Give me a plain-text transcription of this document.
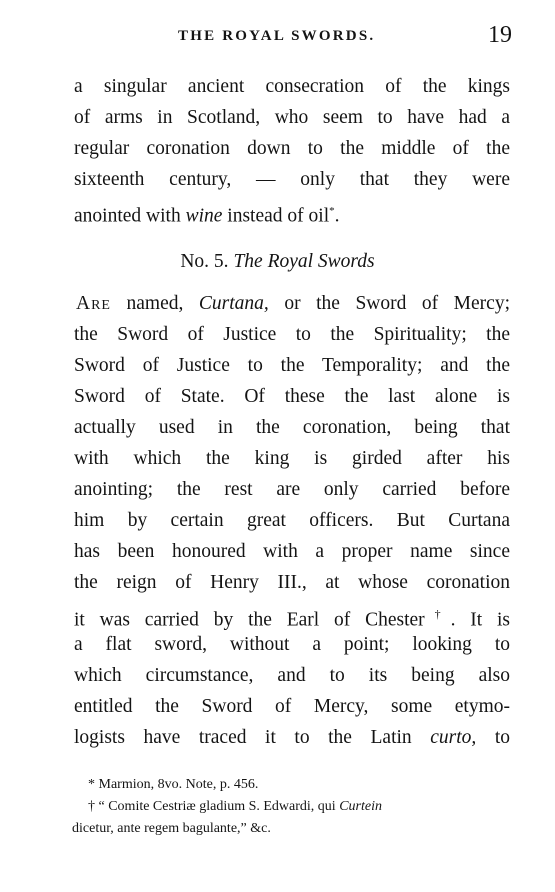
THE ROYAL SWORDS.	19
a singular ancient consecration of the kings
of arms in Scotland, who seem to have had a
regular coronation down to the middle of the
sixteenth century, — only that they were
anointed with wine instead of oil*.
No. 5. The Royal Swords
Are named, Curtana, or the Sword of Mercy;
the Sword of Justice to the Spirituality; the
Sword of Justice to the Temporality; and the
Sword of State. Of these the last alone is
actually used in the coronation, being that
with which the king is girded after his
anointing; the rest are only carried before
him by certain great officers. But Curtana
has been honoured with a proper name since
the reign of Henry III., at whose coronation
it was carried by the Earl of Chester†. It is
a flat sword, without a point; looking to
which circumstance, and to its being also
entitled the Sword of Mercy, some etymo-
logists have traced it to the Latin curto, to
* Marmion, 8vo. Note, p. 456.
† “ Comite Cestriæ gladium S. Edwardi, qui Curtein
dicetur, ante regem bagulante,” &c.
